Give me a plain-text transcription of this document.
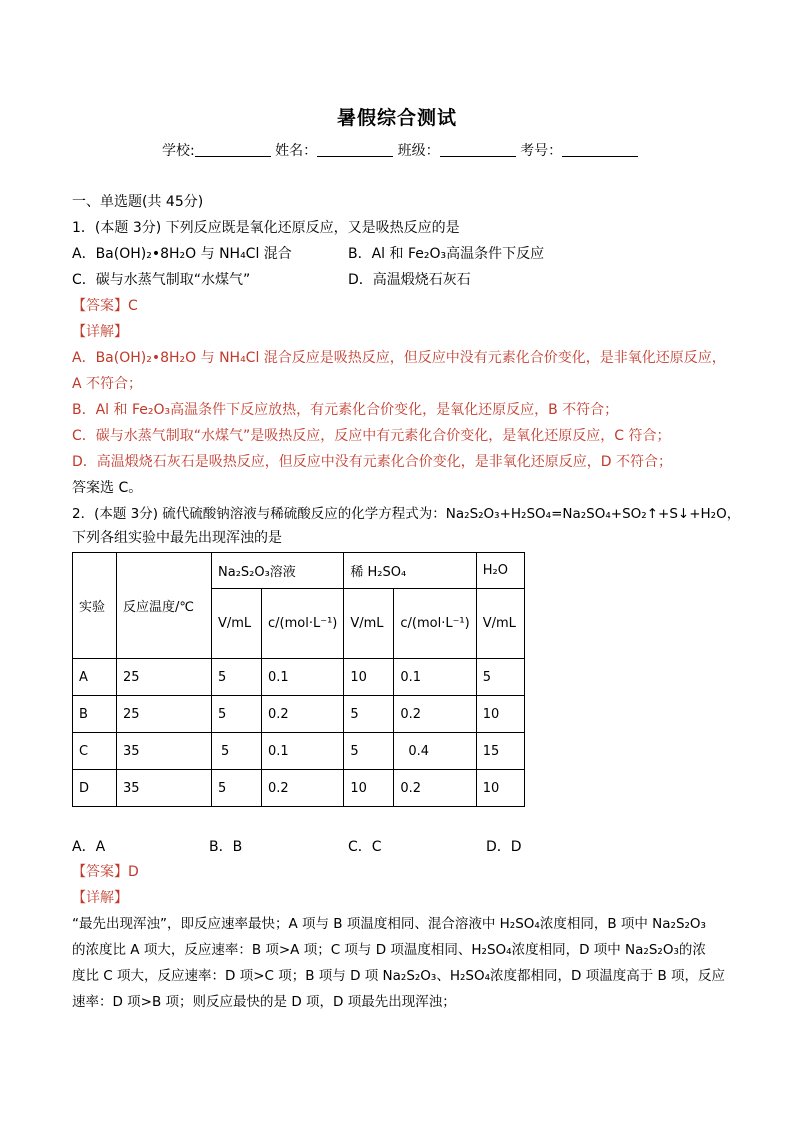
暑假综合测试
学校:	姓名：	班级：	考号：
一、单选题(共 45分)
1．(本题 3分) 下列反应既是氧化还原反应，又是吸热反应的是
A．Ba(OH)₂•8H₂O 与 NH₄Cl 混合	B．Al 和 Fe₂O₃高温条件下反应
C．碳与水蒸气制取“水煤气”	D．高温煅烧石灰石
【答案】C
【详解】
A．Ba(OH)₂•8H₂O 与 NH₄Cl 混合反应是吸热反应，但反应中没有元素化合价变化，是非氧化还原反应，
A 不符合；
B．Al 和 Fe₂O₃高温条件下反应放热，有元素化合价变化，是氧化还原反应，B 不符合；
C．碳与水蒸气制取“水煤气”是吸热反应，反应中有元素化合价变化，是氧化还原反应，C 符合；
D．高温煅烧石灰石是吸热反应，但反应中没有元素化合价变化，是非氧化还原反应，D 不符合；
答案选 C。
2．(本题 3分) 硫代硫酸钠溶液与稀硫酸反应的化学方程式为：Na₂S₂O₃+H₂SO₄=Na₂SO₄+SO₂↑+S↓+H₂O，
下列各组实验中最先出现浑浊的是
实验	反应温度/℃	Na₂S₂O₃溶液		稀 H₂SO₄		H₂O
		V/mL	c/(mol·L⁻¹)	V/mL	c/(mol·L⁻¹)	V/mL
A	25	5	0.1	10	0.1	5
B	25	5	0.2	5	0.2	10
C	35	5	0.1	5	0.4	15
D	35	5	0.2	10	0.2	10
A．A	B．B	C．C	D．D
【答案】D
【详解】
“最先出现浑浊”，即反应速率最快；A 项与 B 项温度相同、混合溶液中 H₂SO₄浓度相同，B 项中 Na₂S₂O₃
的浓度比 A 项大，反应速率：B 项>A 项；C 项与 D 项温度相同、H₂SO₄浓度相同，D 项中 Na₂S₂O₃的浓
度比 C 项大，反应速率：D 项>C 项；B 项与 D 项 Na₂S₂O₃、H₂SO₄浓度都相同，D 项温度高于 B 项，反应
速率：D 项>B 项；则反应最快的是 D 项，D 项最先出现浑浊；
